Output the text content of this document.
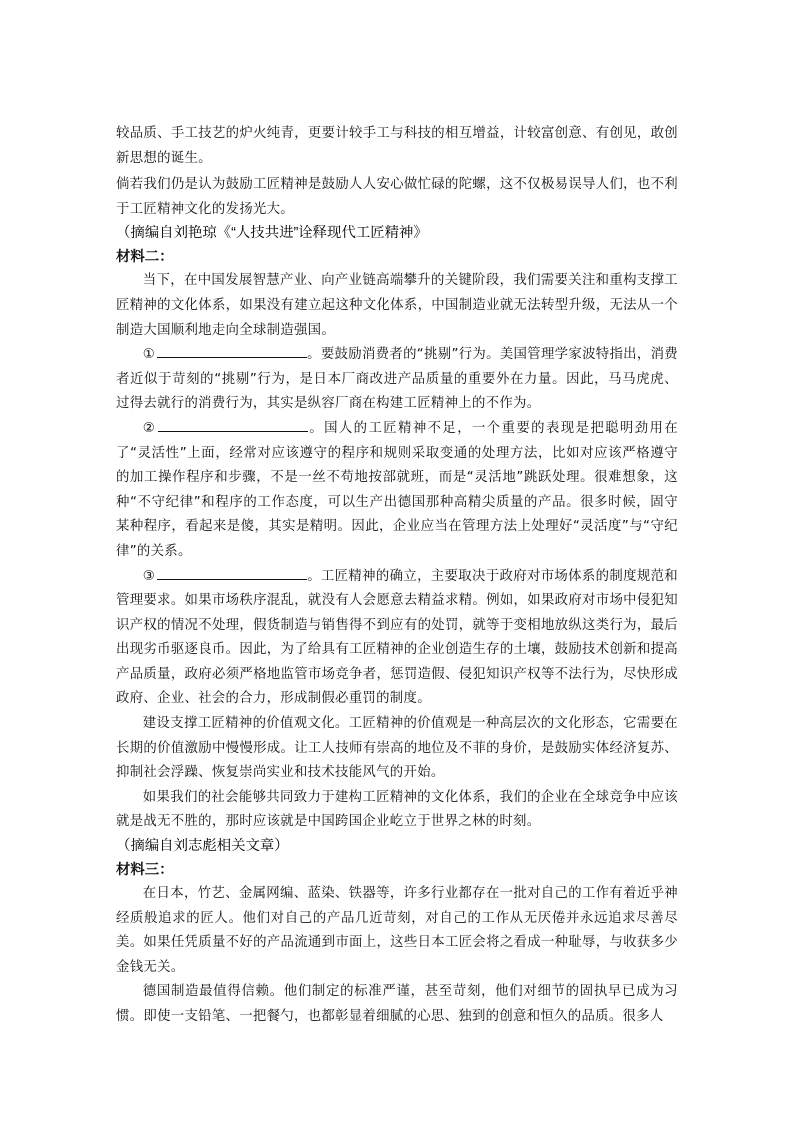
较品质、手工技艺的炉火纯青，更要计较手工与科技的相互增益，计较富创意、有创见，敢创新思想的诞生。

倘若我们仍是认为鼓励工匠精神是鼓励人人安心做忙碌的陀螺，这不仅极易误导人们，也不利于工匠精神文化的发扬光大。

（摘编自刘艳琼《“人技共进”诠释现代工匠精神》

材料二：

当下，在中国发展智慧产业、向产业链高端攀升的关键阶段，我们需要关注和重构支撑工匠精神的文化体系，如果没有建立起这种文化体系，中国制造业就无法转型升级，无法从一个制造大国顺利地走向全球制造强国。

①	。要鼓励消费者的“挑剔”行为。美国管理学家波特指出，消费者近似于苛刻的“挑剔”行为，是日本厂商改进产品质量的重要外在力量。因此，马马虎虎、过得去就行的消费行为，其实是纵容厂商在构建工匠精神上的不作为。

②	。国人的工匠精神不足，一个重要的表现是把聪明劲用在了“灵活性”上面，经常对应该遵守的程序和规则采取变通的处理方法，比如对应该严格遵守的加工操作程序和步骤，不是一丝不苟地按部就班，而是“灵活地”跳跃处理。很难想象，这种“不守纪律”和程序的工作态度，可以生产出德国那种高精尖质量的产品。很多时候，固守某种程序，看起来是傻，其实是精明。因此，企业应当在管理方法上处理好“灵活度”与“守纪律”的关系。

③	。工匠精神的确立，主要取决于政府对市场体系的制度规范和管理要求。如果市场秩序混乱，就没有人会愿意去精益求精。例如，如果政府对市场中侵犯知识产权的情况不处理，假货制造与销售得不到应有的处罚，就等于变相地放纵这类行为，最后出现劣币驱逐良币。因此，为了给具有工匠精神的企业创造生存的土壤，鼓励技术创新和提高产品质量，政府必须严格地监管市场竞争者，惩罚造假、侵犯知识产权等不法行为，尽快形成政府、企业、社会的合力，形成制假必重罚的制度。

建设支撑工匠精神的价值观文化。工匠精神的价值观是一种高层次的文化形态，它需要在长期的价值激励中慢慢形成。让工人技师有崇高的地位及不菲的身价，是鼓励实体经济复苏、抑制社会浮躁、恢复崇尚实业和技术技能风气的开始。

如果我们的社会能够共同致力于建构工匠精神的文化体系，我们的企业在全球竞争中应该就是战无不胜的，那时应该就是中国跨国企业屹立于世界之林的时刻。

（摘编自刘志彪相关文章）

材料三：

在日本，竹艺、金属网编、蓝染、铁器等，许多行业都存在一批对自己的工作有着近乎神经质般追求的匠人。他们对自己的产品几近苛刻，对自己的工作从无厌倦并永远追求尽善尽美。如果任凭质量不好的产品流通到市面上，这些日本工匠会将之看成一种耻辱，与收获多少金钱无关。

德国制造最值得信赖。他们制定的标准严谨，甚至苛刻，他们对细节的固执早已成为习惯。即使一支铅笔、一把餐勺，也都彰显着细腻的心思、独到的创意和恒久的品质。很多人
